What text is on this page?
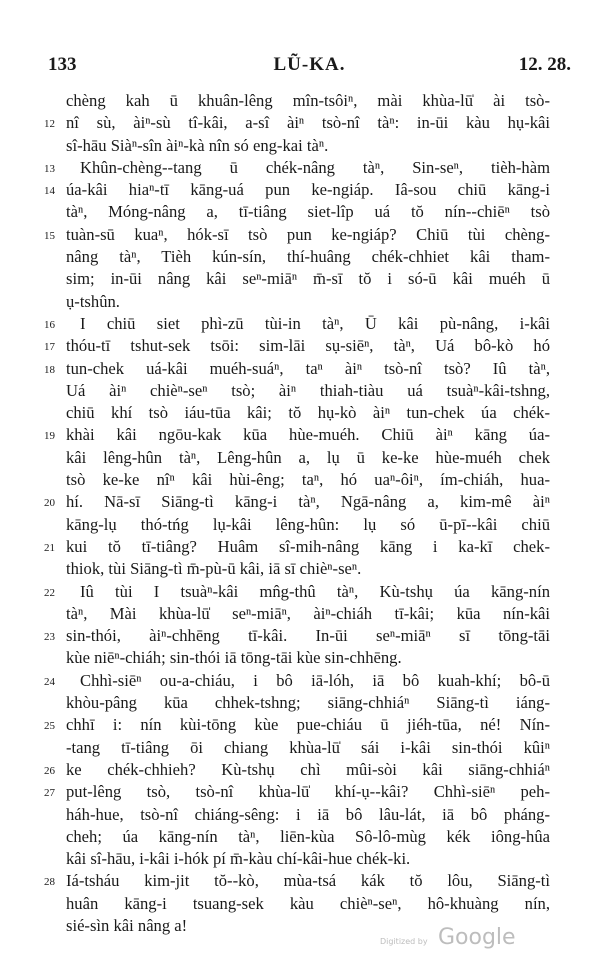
133	LŨ-KA.	12. 28.
chèng kah ū khuân-lêng mîn-tsôiⁿ, mài khùa-lū̍ ài tsò-
12 nî sù, àiⁿ-sù tî-kâi, a-sî àiⁿ tsò-nî tàⁿ: in-ūi kàu hụ-kâi
sî-hāu Siàⁿ-sîn àiⁿ-kà nîn só eng-kai tàⁿ.
13	Khûn-chèng--tang ū chék-nâng tàⁿ, Sin-seⁿ, tièh-hàm
14 úa-kâi hiaⁿ-tī kāng-uá pun ke-ngiáp. Iâ-sou chiū kāng-i
tàⁿ, Móng-nâng a, tī-tiâng siet-lîp uá tŏ nín--chiēⁿ tsò
15 tuàn-sū kuaⁿ, hók-sī tsò pun ke-ngiáp? Chiū tùi chèng-
nâng tàⁿ, Tièh kún-sín, thí-huâng chék-chhiet kâi tham-
sim; in-ūi nâng kâi seⁿ-miāⁿ m̄-sī tŏ i só-ū kâi muéh ū
ụ-tshûn.
16	I chiū siet phì-zū tùi-in tàⁿ, Ū kâi pù-nâng, i-kâi
17 thóu-tī tshut-sek tsōi: sim-lāi sụ-siēⁿ, tàⁿ, Uá bô-kò hó
18 tun-chek uá-kâi muéh-suáⁿ, taⁿ àiⁿ tsò-nî tsò? Iû tàⁿ,
Uá àiⁿ chièⁿ-seⁿ tsò; àiⁿ thiah-tiàu uá tsuàⁿ-kâi-tshng,
chiū khí tsò iáu-tūa kâi; tŏ hụ-kò àiⁿ tun-chek úa chék-
19 khài kâi ngōu-kak kūa hùe-muéh. Chiū àiⁿ kāng úa-
kâi lêng-hûn tàⁿ, Lêng-hûn a, lụ ū ke-ke hùe-muéh chek
tsò ke-ke nîⁿ kâi hùi-êng; taⁿ, hó uaⁿ-ôiⁿ, ím-chiáh, hua-
20 hí. Nā-sī Siāng-tì kāng-i tàⁿ, Ngā-nâng a, kim-mê àiⁿ
kāng-lụ thó-tńg lụ-kâi lêng-hûn: lụ só ū-pī--kâi chiū
21 kui tŏ tī-tiâng? Huâm sî-mih-nâng kāng i ka-kī chek-
thiok, tùi Siāng-tì m̄-pù-ū kâi, iā sī chièⁿ-seⁿ.
22	Iû tùi I tsuàⁿ-kâi mn̂g-thû tàⁿ, Kù-tshụ úa kāng-nín
tàⁿ, Mài khùa-lū̍ seⁿ-miāⁿ, àiⁿ-chiáh tī-kâi; kūa nín-kâi
23 sin-thói, àiⁿ-chhēng tī-kâi. In-ūi seⁿ-miāⁿ sī tōng-tāi
kùe niēⁿ-chiáh; sin-thói iā tōng-tāi kùe sin-chhēng.
24	Chhì-siēⁿ ou-a-chiáu, i bô iā-lóh, iā bô kuah-khí; bô-ū
khòu-pâng kūa chhek-tshng; siāng-chhiáⁿ Siāng-tì iáng-
25 chhī i: nín kùi-tōng kùe pue-chiáu ū jiéh-tūa, né! Nín-
-tang tī-tiâng ōi chiang khùa-lū̍ sái i-kâi sin-thói kûiⁿ
26 ke chék-chhieh? Kù-tshụ chì mûi-sòi kâi siāng-chhiáⁿ
27 put-lêng tsò, tsò-nî khùa-lū̍ khí-ụ--kâi? Chhì-siēⁿ peh-
háh-hue, tsò-nî chiáng-sêng: i iā bô lâu-lát, iā bô pháng-
cheh; úa kāng-nín tàⁿ, liēn-kùa Sô-lô-mùg kék iông-hûa
kâi sî-hāu, i-kâi i-hók pí m̄-kàu chí-kâi-hue chék-ki.
28 Iá-tsháu kim-jit tŏ--kò, mùa-tsá kák tŏ lôu, Siāng-tì
huân kāng-i tsuang-sek kàu chièⁿ-seⁿ, hô-khuàng nín,
sié-sìn kâi nâng a!
Digitized by Google
